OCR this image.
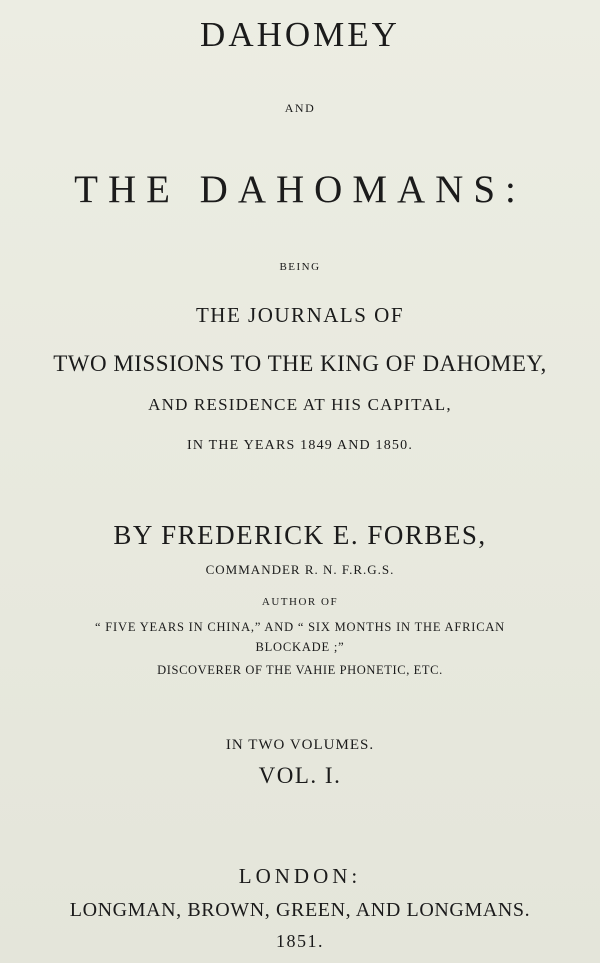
DAHOMEY
AND
THE DAHOMANS:
BEING
THE JOURNALS OF
TWO MISSIONS TO THE KING OF DAHOMEY,
AND RESIDENCE AT HIS CAPITAL,
IN THE YEARS 1849 AND 1850.
BY FREDERICK E. FORBES,
COMMANDER R. N. F.R.G.S.
AUTHOR OF
“ FIVE YEARS IN CHINA,” AND “ SIX MONTHS IN THE AFRICAN
BLOCKADE ;”
DISCOVERER OF THE VAHIE PHONETIC, ETC.
IN TWO VOLUMES.
VOL. I.
LONDON:
LONGMAN, BROWN, GREEN, AND LONGMANS.
1851.
